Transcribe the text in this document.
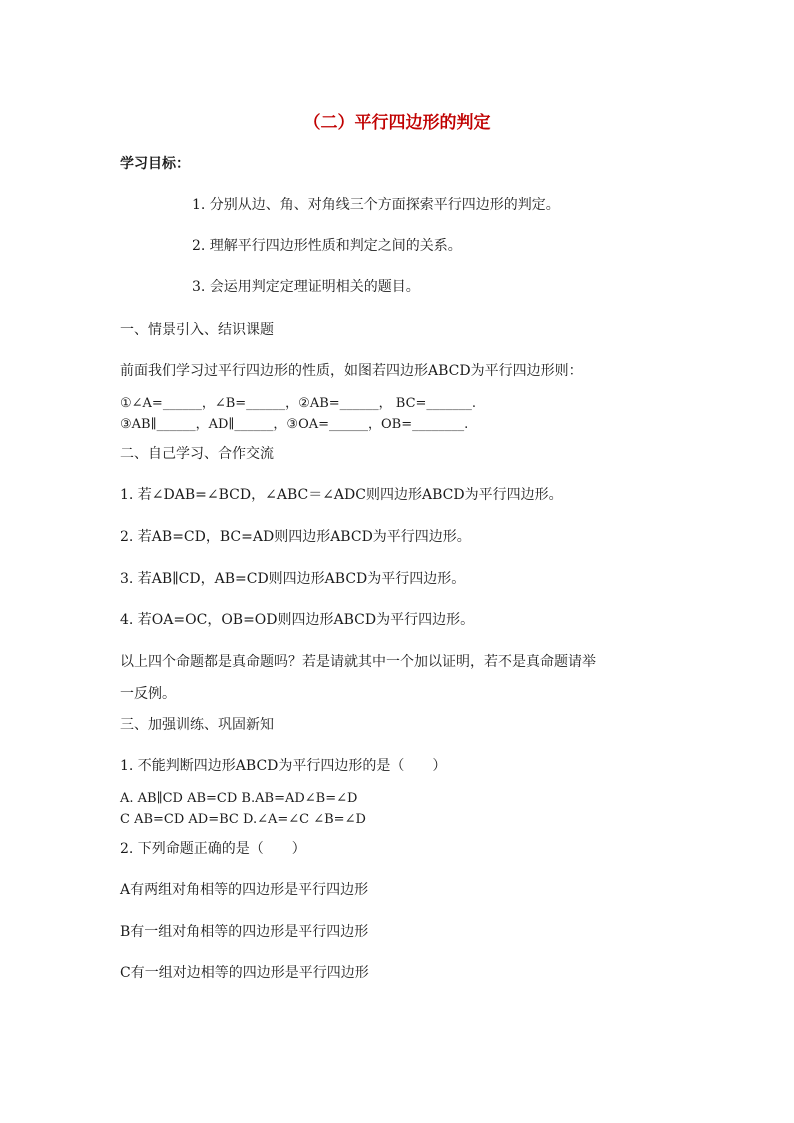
（二）平行四边形的判定
学习目标：
1. 分别从边、角、对角线三个方面探索平行四边形的判定。
2. 理解平行四边形性质和判定之间的关系。
3. 会运用判定定理证明相关的题目。
一、情景引入、结识课题
前面我们学习过平行四边形的性质，如图若四边形ABCD为平行四边形则：
①∠A=______，∠B=______，②AB=______， BC=_______.
③AB∥______，AD∥______，③OA=______，OB=________.
二、自己学习、合作交流
1. 若∠DAB=∠BCD，∠ABC＝∠ADC则四边形ABCD为平行四边形。
2. 若AB=CD，BC=AD则四边形ABCD为平行四边形。
3. 若AB∥CD，AB=CD则四边形ABCD为平行四边形。
4. 若OA=OC，OB=OD则四边形ABCD为平行四边形。
以上四个命题都是真命题吗？若是请就其中一个加以证明，若不是真命题请举
一反例。
三、加强训练、巩固新知
1. 不能判断四边形ABCD为平行四边形的是（　　）
A. AB∥CD AB=CD B.AB=AD∠B=∠D
C AB=CD AD=BC D.∠A=∠C ∠B=∠D
2. 下列命题正确的是（　　）
A有两组对角相等的四边形是平行四边形
B有一组对角相等的四边形是平行四边形
C有一组对边相等的四边形是平行四边形
